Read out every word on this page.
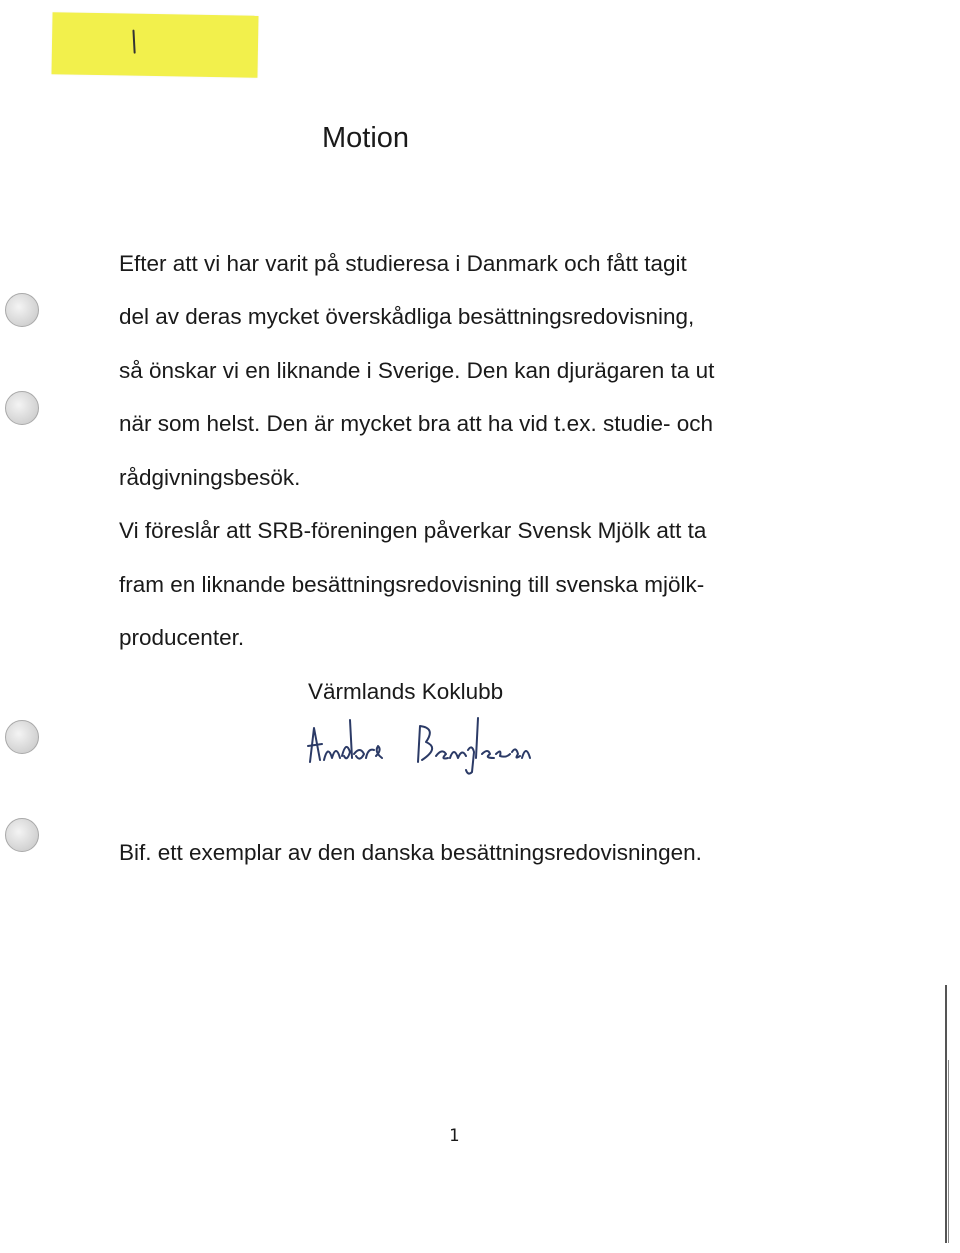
Motion
Efter att vi har varit på studieresa i Danmark och fått tagit
del av deras mycket överskådliga besättningsredovisning,
så önskar vi en liknande i Sverige. Den kan djurägaren ta ut
när som helst. Den är mycket bra att ha vid t.ex. studie- och
rådgivningsbesök.
Vi föreslår att SRB-föreningen påverkar Svensk Mjölk att ta
fram en liknande besättningsredovisning till svenska mjölk-
producenter.
Värmlands Koklubb
Bif. ett exemplar av den danska besättningsredovisningen.
1
